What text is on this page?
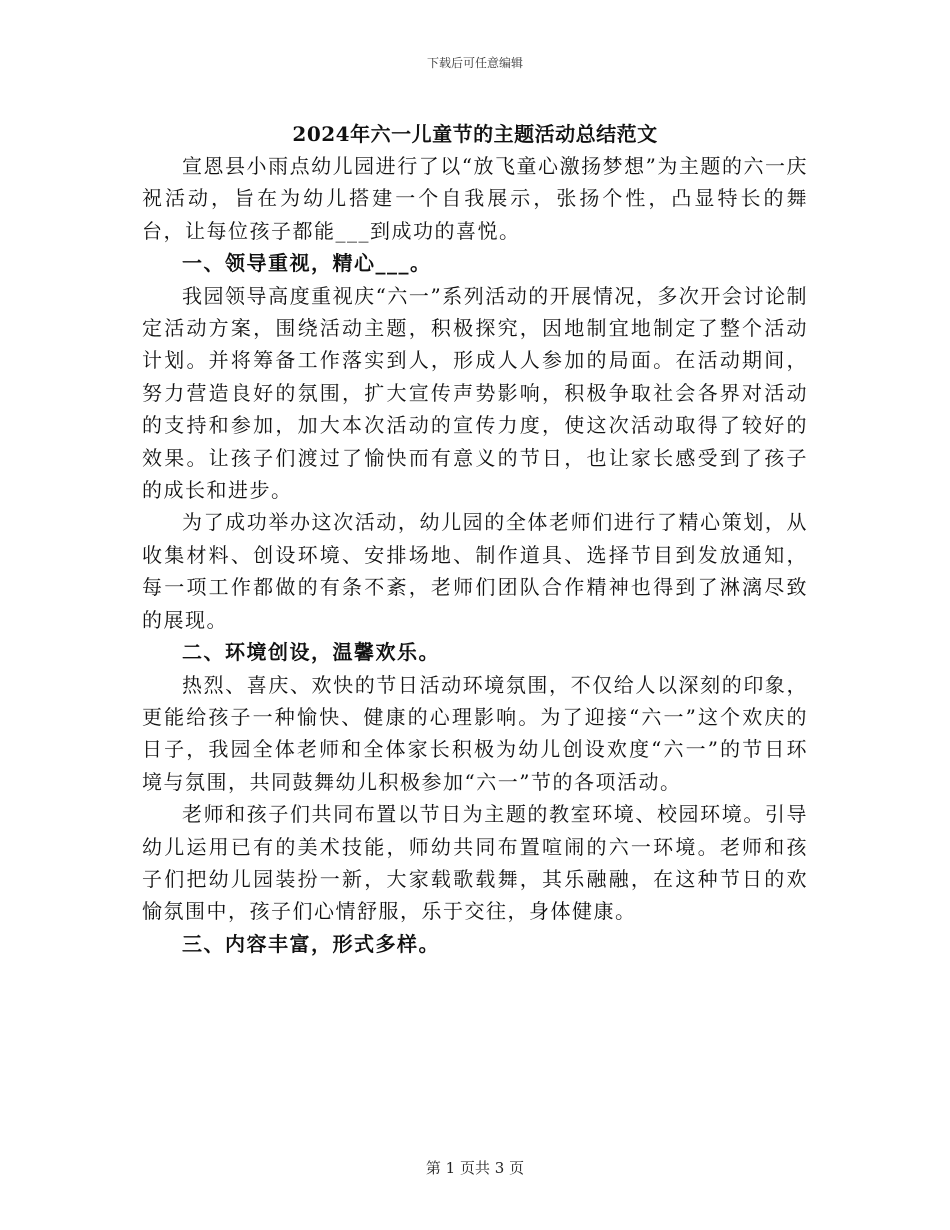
下载后可任意编辑
2024年六一儿童节的主题活动总结范文

宣恩县小雨点幼儿园进行了以“放飞童心激扬梦想”为主题的六一庆祝活动，旨在为幼儿搭建一个自我展示，张扬个性，凸显特长的舞台，让每位孩子都能___到成功的喜悦。

一、领导重视，精心___。

我园领导高度重视庆“六一”系列活动的开展情况，多次开会讨论制定活动方案，围绕活动主题，积极探究，因地制宜地制定了整个活动计划。并将筹备工作落实到人，形成人人参加的局面。在活动期间，努力营造良好的氛围，扩大宣传声势影响，积极争取社会各界对活动的支持和参加，加大本次活动的宣传力度，使这次活动取得了较好的效果。让孩子们渡过了愉快而有意义的节日，也让家长感受到了孩子的成长和进步。

为了成功举办这次活动，幼儿园的全体老师们进行了精心策划，从收集材料、创设环境、安排场地、制作道具、选择节目到发放通知，每一项工作都做的有条不紊，老师们团队合作精神也得到了淋漓尽致的展现。

二、环境创设，温馨欢乐。

热烈、喜庆、欢快的节日活动环境氛围，不仅给人以深刻的印象，更能给孩子一种愉快、健康的心理影响。为了迎接“六一”这个欢庆的日子，我园全体老师和全体家长积极为幼儿创设欢度“六一”的节日环境与氛围，共同鼓舞幼儿积极参加“六一”节的各项活动。

老师和孩子们共同布置以节日为主题的教室环境、校园环境。引导幼儿运用已有的美术技能，师幼共同布置喧闹的六一环境。老师和孩子们把幼儿园装扮一新，大家载歌载舞，其乐融融，在这种节日的欢愉氛围中，孩子们心情舒服，乐于交往，身体健康。

三、内容丰富，形式多样。

第 1 页共 3 页
